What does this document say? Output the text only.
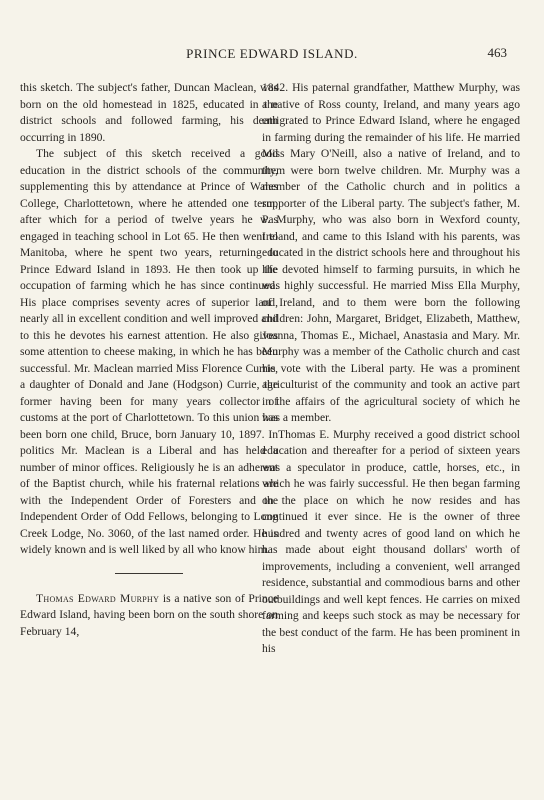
PRINCE EDWARD ISLAND.	463

this sketch. The subject's father, Duncan Maclean, was born on the old homestead in 1825, educated in the district schools and followed farming, his death occurring in 1890.

The subject of this sketch received a good education in the district schools of the community, supplementing this by attendance at Prince of Wales College, Charlottetown, where he attended one term, after which for a period of twelve years he was engaged in teaching school in Lot 65. He then went to Manitoba, where he spent two years, returning to Prince Edward Island in 1893. He then took up the occupation of farming which he has since continued. His place comprises seventy acres of superior land, nearly all in excellent condition and well improved and to this he devotes his earnest attention. He also gives some attention to cheese making, in which he has been successful. Mr. Maclean married Miss Florence Currie, a daughter of Donald and Jane (Hodgson) Currie, the former having been for many years collector of customs at the port of Charlottetown. To this union has been born one child, Bruce, born January 10, 1897. In politics Mr. Maclean is a Liberal and has held a number of minor offices. Religiously he is an adherent of the Baptist church, while his fraternal relations are with the Independent Order of Foresters and the Independent Order of Odd Fellows, belonging to Long Creek Lodge, No. 3060, of the last named order. He is widely known and is well liked by all who know him.

Thomas Edward Murphy is a native son of Prince Edward Island, having been born on the south shore on February 14,

1842. His paternal grandfather, Matthew Murphy, was a native of Ross county, Ireland, and many years ago emigrated to Prince Edward Island, where he engaged in farming during the remainder of his life. He married Miss Mary O'Neill, also a native of Ireland, and to them were born twelve children. Mr. Murphy was a member of the Catholic church and in politics a supporter of the Liberal party. The subject's father, M. P. Murphy, who was also born in Wexford county, Ireland, and came to this Island with his parents, was educated in the district schools here and throughout his life devoted himself to farming pursuits, in which he was highly successful. He married Miss Ella Murphy, of Ireland, and to them were born the following children: John, Margaret, Bridget, Elizabeth, Matthew, Joanna, Thomas E., Michael, Anastasia and Mary. Mr. Murphy was a member of the Catholic church and cast his vote with the Liberal party. He was a prominent agriculturist of the community and took an active part in the affairs of the agricultural society of which he was a member.

Thomas E. Murphy received a good district school education and thereafter for a period of sixteen years was a speculator in produce, cattle, horses, etc., in which he was fairly successful. He then began farming on the place on which he now resides and has continued it ever since. He is the owner of three hundred and twenty acres of good land on which he has made about eight thousand dollars' worth of improvements, including a convenient, well arranged residence, substantial and commodious barns and other outbuildings and well kept fences. He carries on mixed farming and keeps such stock as may be necessary for the best conduct of the farm. He has been prominent in his
